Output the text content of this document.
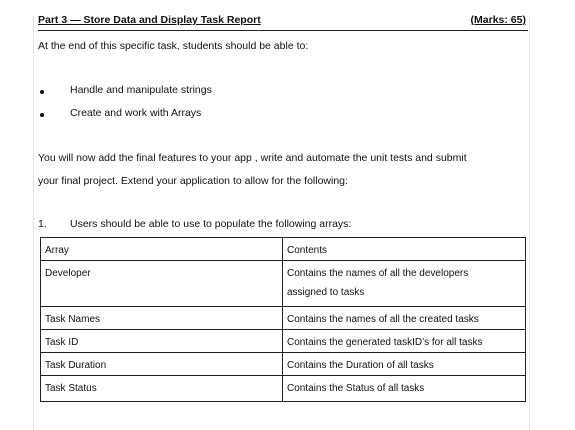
Part 3 — Store Data and Display Task Report	(Marks: 65)
At the end of this specific task, students should be able to:
Handle and manipulate strings
Create and work with Arrays
You will now add the final features to your app , write and automate the unit tests and submit
your final project. Extend your application to allow for the following:
1. Users should be able to use to populate the following arrays:
Array	Contents
Developer	Contains the names of all the developers
assigned to tasks

Task Names	Contains the names of all the created tasks
Task ID	Contains the generated taskID’s for all tasks
Task Duration	Contains the Duration of all tasks
Task Status	Contains the Status of all tasks
